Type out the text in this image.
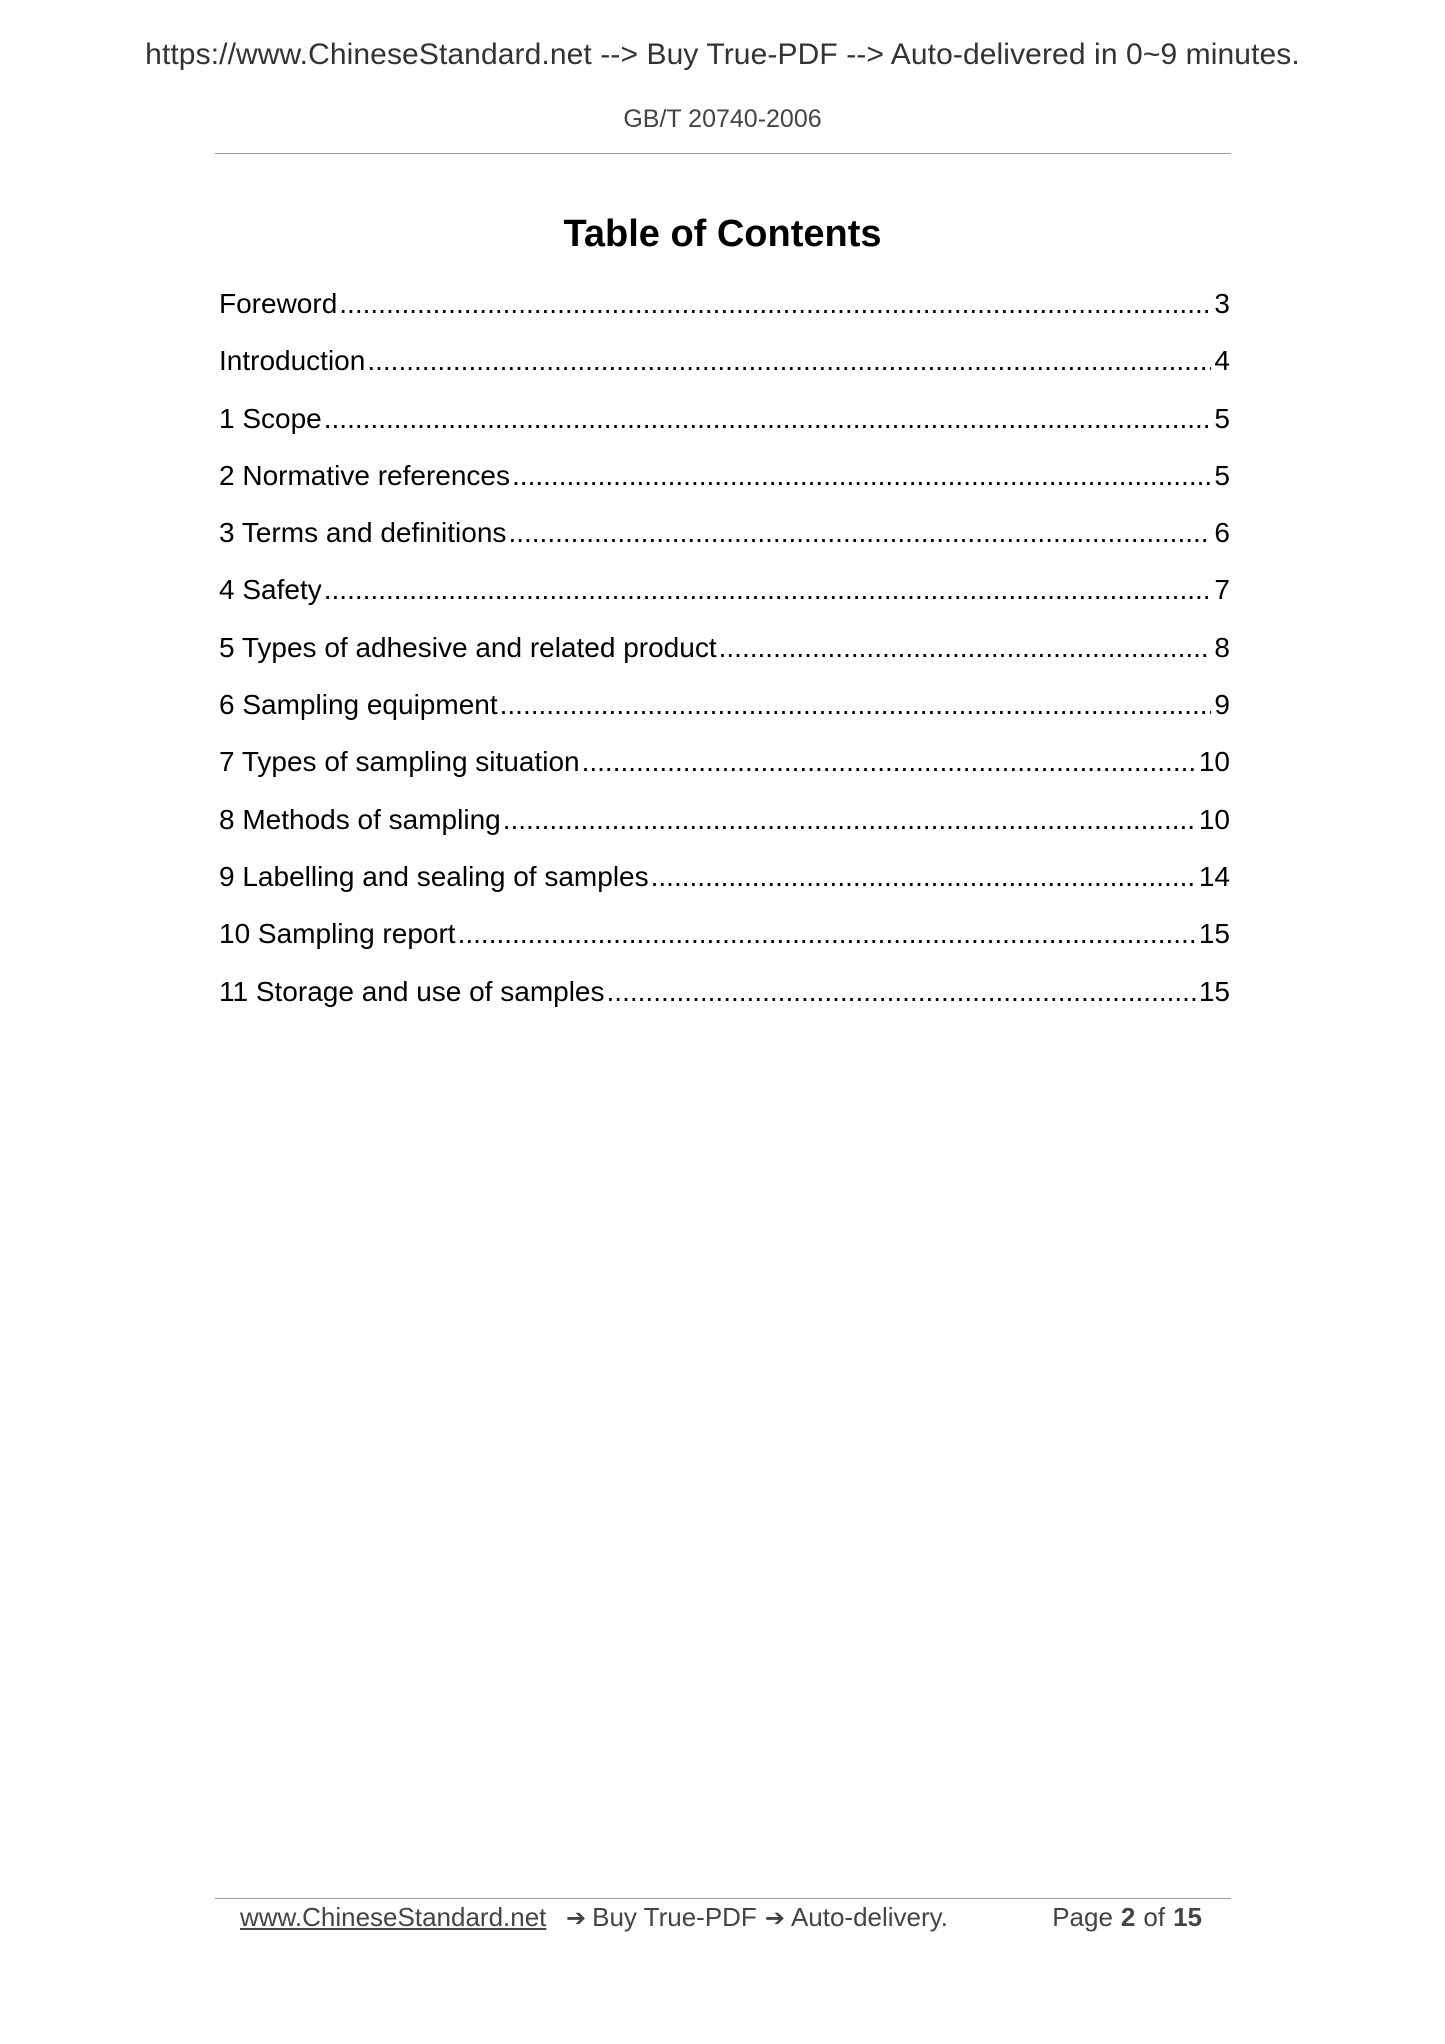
https://www.ChineseStandard.net --> Buy True-PDF --> Auto-delivered in 0~9 minutes.
GB/T 20740-2006
Table of Contents
Foreword .....	3
Introduction .....	4
1 Scope .....	5
2 Normative references .....	5
3 Terms and definitions .....	6
4 Safety .....	7
5 Types of adhesive and related product .....	8
6 Sampling equipment .....	9
7 Types of sampling situation .....	10
8 Methods of sampling .....	10
9 Labelling and sealing of samples .....	14
10 Sampling report .....	15
11 Storage and use of samples .....	15
www.ChineseStandard.net ➔ Buy True-PDF ➔ Auto-delivery.	Page 2 of 15
